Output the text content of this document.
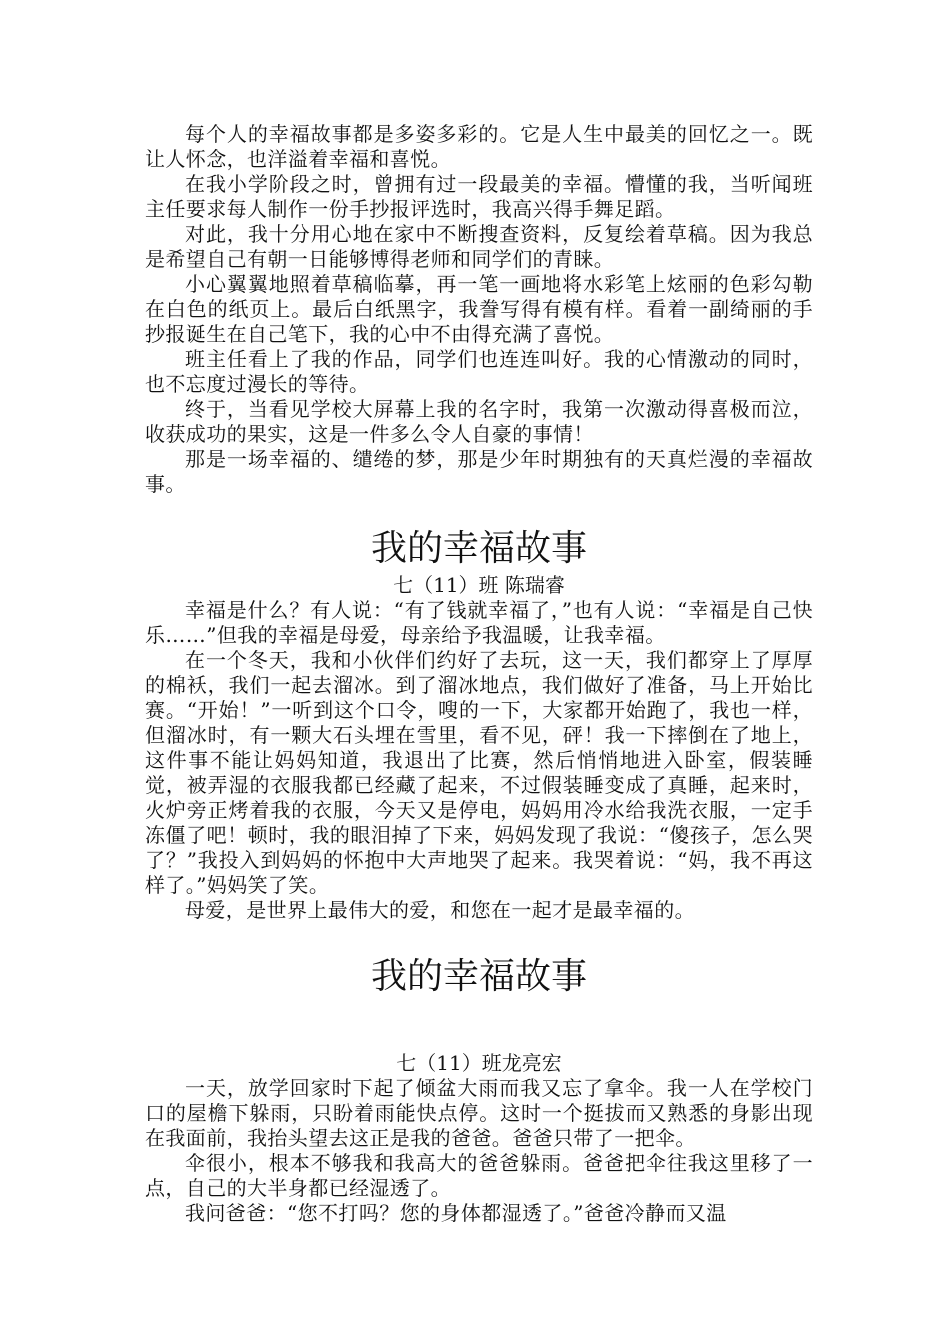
每个人的幸福故事都是多姿多彩的。它是人生中最美的回忆之一。既让人怀念，也洋溢着幸福和喜悦。

在我小学阶段之时，曾拥有过一段最美的幸福。懵懂的我，当听闻班主任要求每人制作一份手抄报评选时，我高兴得手舞足蹈。

对此，我十分用心地在家中不断搜查资料，反复绘着草稿。因为我总是希望自己有朝一日能够博得老师和同学们的青睐。

小心翼翼地照着草稿临摹，再一笔一画地将水彩笔上炫丽的色彩勾勒在白色的纸页上。最后白纸黑字，我誊写得有模有样。看着一副绮丽的手抄报诞生在自己笔下，我的心中不由得充满了喜悦。

班主任看上了我的作品，同学们也连连叫好。我的心情激动的同时，也不忘度过漫长的等待。

终于，当看见学校大屏幕上我的名字时，我第一次激动得喜极而泣，收获成功的果实，这是一件多么令人自豪的事情！

那是一场幸福的、缱绻的梦，那是少年时期独有的天真烂漫的幸福故事。

我的幸福故事

七（11）班 陈瑞睿

幸福是什么？有人说：“有了钱就幸福了，”也有人说：“幸福是自己快乐……”但我的幸福是母爱，母亲给予我温暖，让我幸福。

在一个冬天，我和小伙伴们约好了去玩，这一天，我们都穿上了厚厚的棉袄，我们一起去溜冰。到了溜冰地点，我们做好了准备，马上开始比赛。“开始！”一听到这个口令，嗖的一下，大家都开始跑了，我也一样，但溜冰时，有一颗大石头埋在雪里，看不见，砰！我一下摔倒在了地上，这件事不能让妈妈知道，我退出了比赛，然后悄悄地进入卧室，假装睡觉，被弄湿的衣服我都已经藏了起来，不过假装睡变成了真睡，起来时，火炉旁正烤着我的衣服，今天又是停电，妈妈用冷水给我洗衣服，一定手冻僵了吧！顿时，我的眼泪掉了下来，妈妈发现了我说：“傻孩子，怎么哭了？”我投入到妈妈的怀抱中大声地哭了起来。我哭着说：“妈，我不再这样了。”妈妈笑了笑。

母爱，是世界上最伟大的爱，和您在一起才是最幸福的。

我的幸福故事

七（11）班龙亮宏

一天，放学回家时下起了倾盆大雨而我又忘了拿伞。我一人在学校门口的屋檐下躲雨，只盼着雨能快点停。这时一个挺拔而又熟悉的身影出现在我面前，我抬头望去这正是我的爸爸。爸爸只带了一把伞。

伞很小，根本不够我和我高大的爸爸躲雨。爸爸把伞往我这里移了一点，自己的大半身都已经湿透了。

我问爸爸：“您不打吗？您的身体都湿透了。”爸爸冷静而又温
